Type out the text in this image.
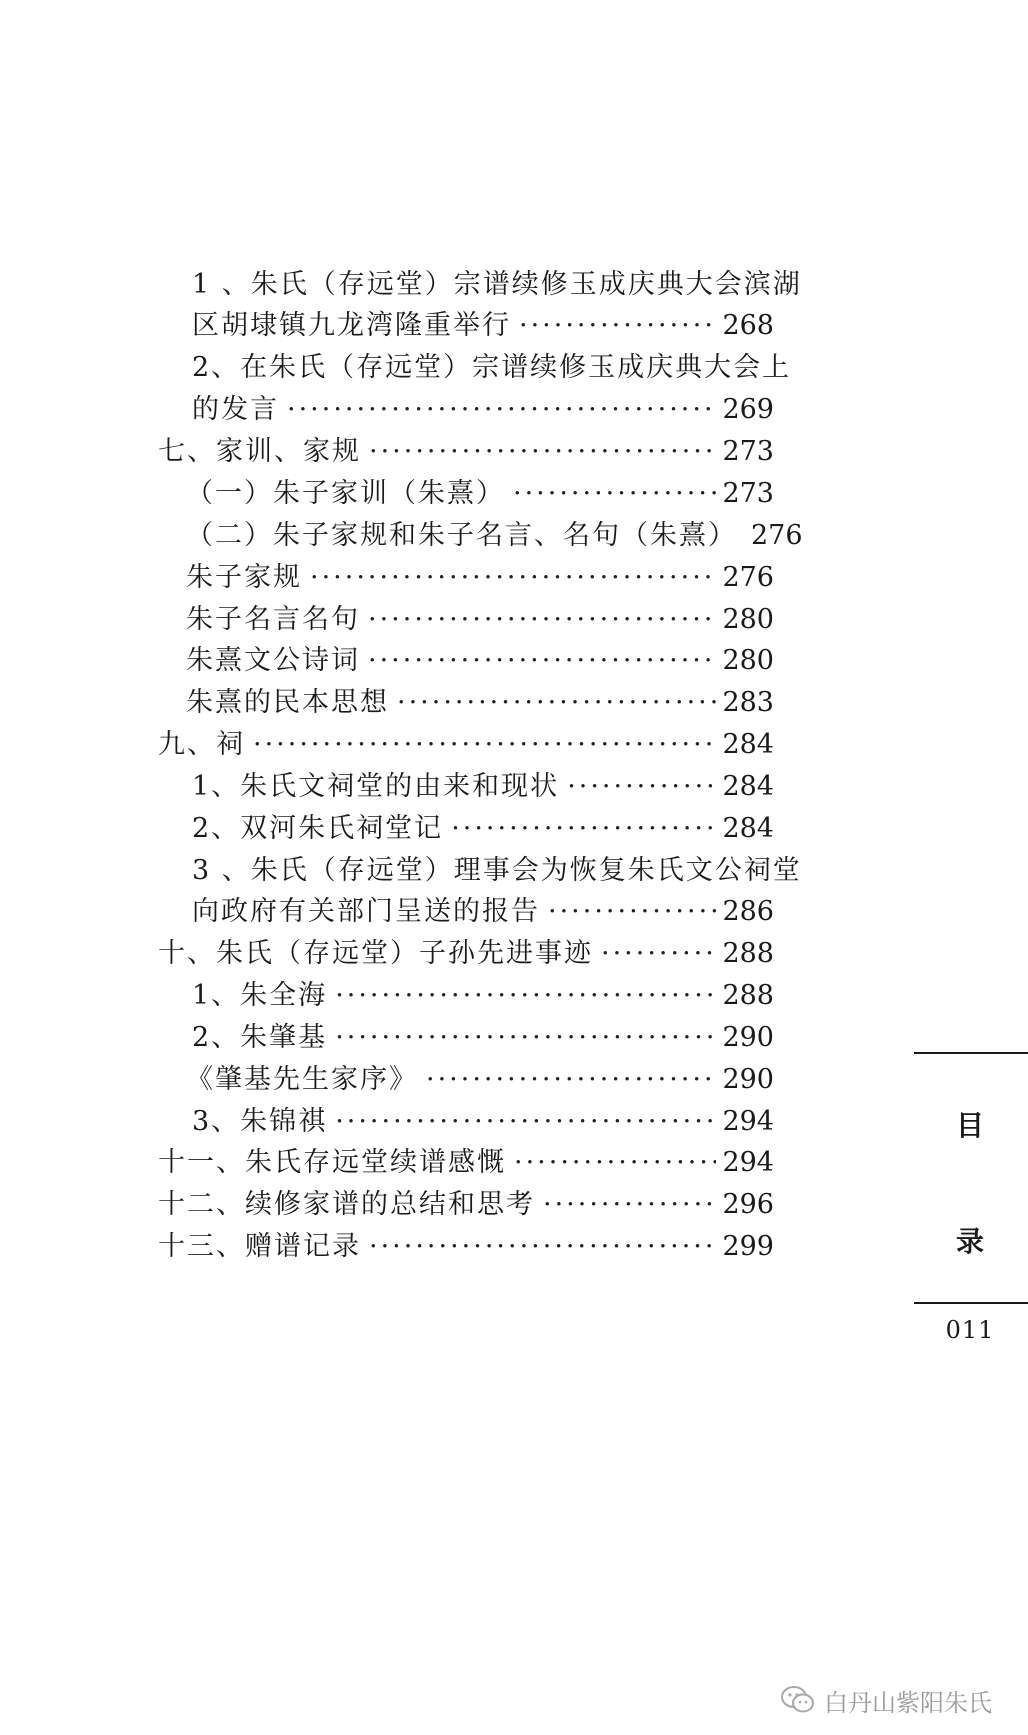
1 、朱氏（存远堂）宗谱续修玉成庆典大会滨湖
区胡埭镇九龙湾隆重举行 ·····	268
2、在朱氏（存远堂）宗谱续修玉成庆典大会上
的发言 ·····	269
七、家训、家规 ·····	273
（一）朱子家训（朱熹） ·····	273
（二）朱子家规和朱子名言、名句（朱熹） 276
朱子家规 ·····	276
朱子名言名句 ·····	280
朱熹文公诗词 ·····	280
朱熹的民本思想 ·····	283
九、祠 ·····	284
1、朱氏文祠堂的由来和现状 ·····	284
2、双河朱氏祠堂记 ·····	284
3 、朱氏（存远堂）理事会为恢复朱氏文公祠堂
向政府有关部门呈送的报告 ·····	286
十、朱氏（存远堂）子孙先进事迹 ·····	288
1、朱全海 ·····	288
2、朱肇基 ·····	290
《肇基先生家序》 ·····	290
3、朱锦祺 ·····	294
十一、朱氏存远堂续谱感慨 ·····	294
十二、续修家谱的总结和思考 ·····	296
十三、赠谱记录 ·····	299
目
录
011
白丹山紫阳朱氏
